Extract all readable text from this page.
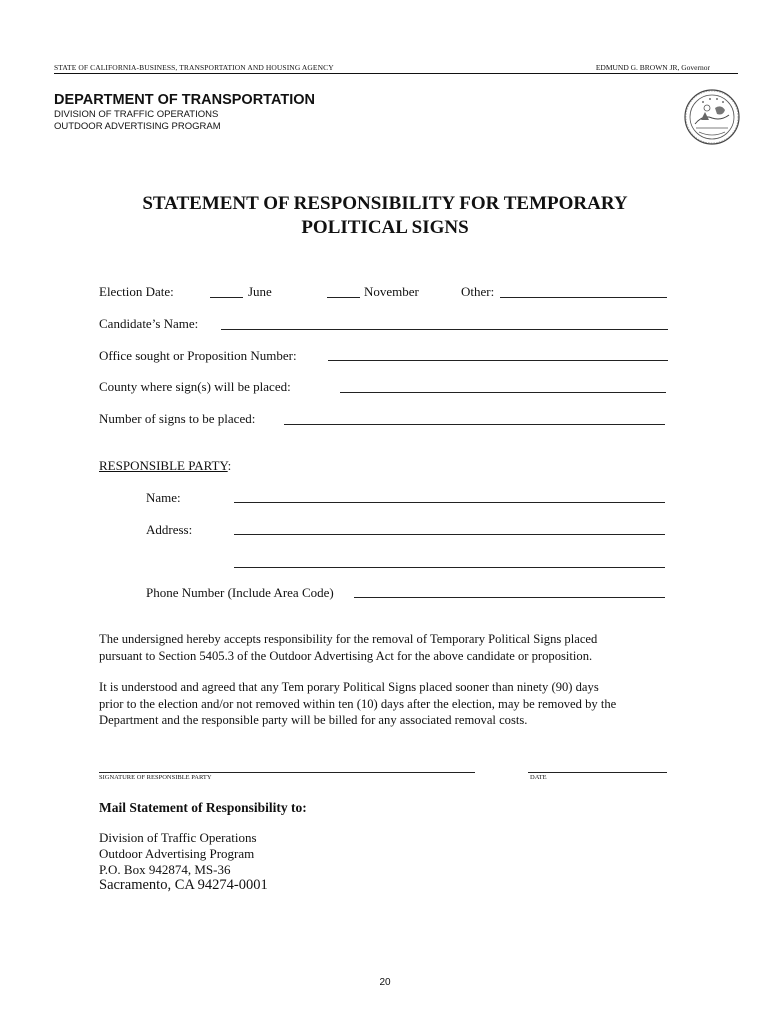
STATE OF CALIFORNIA-BUSINESS, TRANSPORTATION AND HOUSING AGENCY	EDMUND G. BROWN JR, Governor
DEPARTMENT OF TRANSPORTATION
DIVISION OF TRAFFIC OPERATIONS
OUTDOOR ADVERTISING PROGRAM
STATEMENT OF RESPONSIBILITY FOR TEMPORARY
POLITICAL SIGNS
Election Date:	June	November	Other:
Candidate’s Name:
Office sought or Proposition Number:
County where sign(s) will be placed:
Number of signs to be placed:
RESPONSIBLE PARTY:
Name:
Address:
Phone Number (Include Area Code)
The undersigned hereby accepts responsibility for the removal of Temporary Political Signs placed
pursuant to Section 5405.3 of the Outdoor Advertising Act for the above candidate or proposition.
It is understood and agreed that any Tem porary Political Signs placed sooner than ninety (90) days
prior to the election and/or not removed within ten (10) days after the election, may be removed by the
Department and the responsible party will be billed for any associated removal costs.
SIGNATURE OF RESPONSIBLE PARTY	DATE
Mail Statement of Responsibility to:
Division of Traffic Operations
Outdoor Advertising Program
P.O. Box 942874, MS-36
Sacramento, CA 94274-0001
20
